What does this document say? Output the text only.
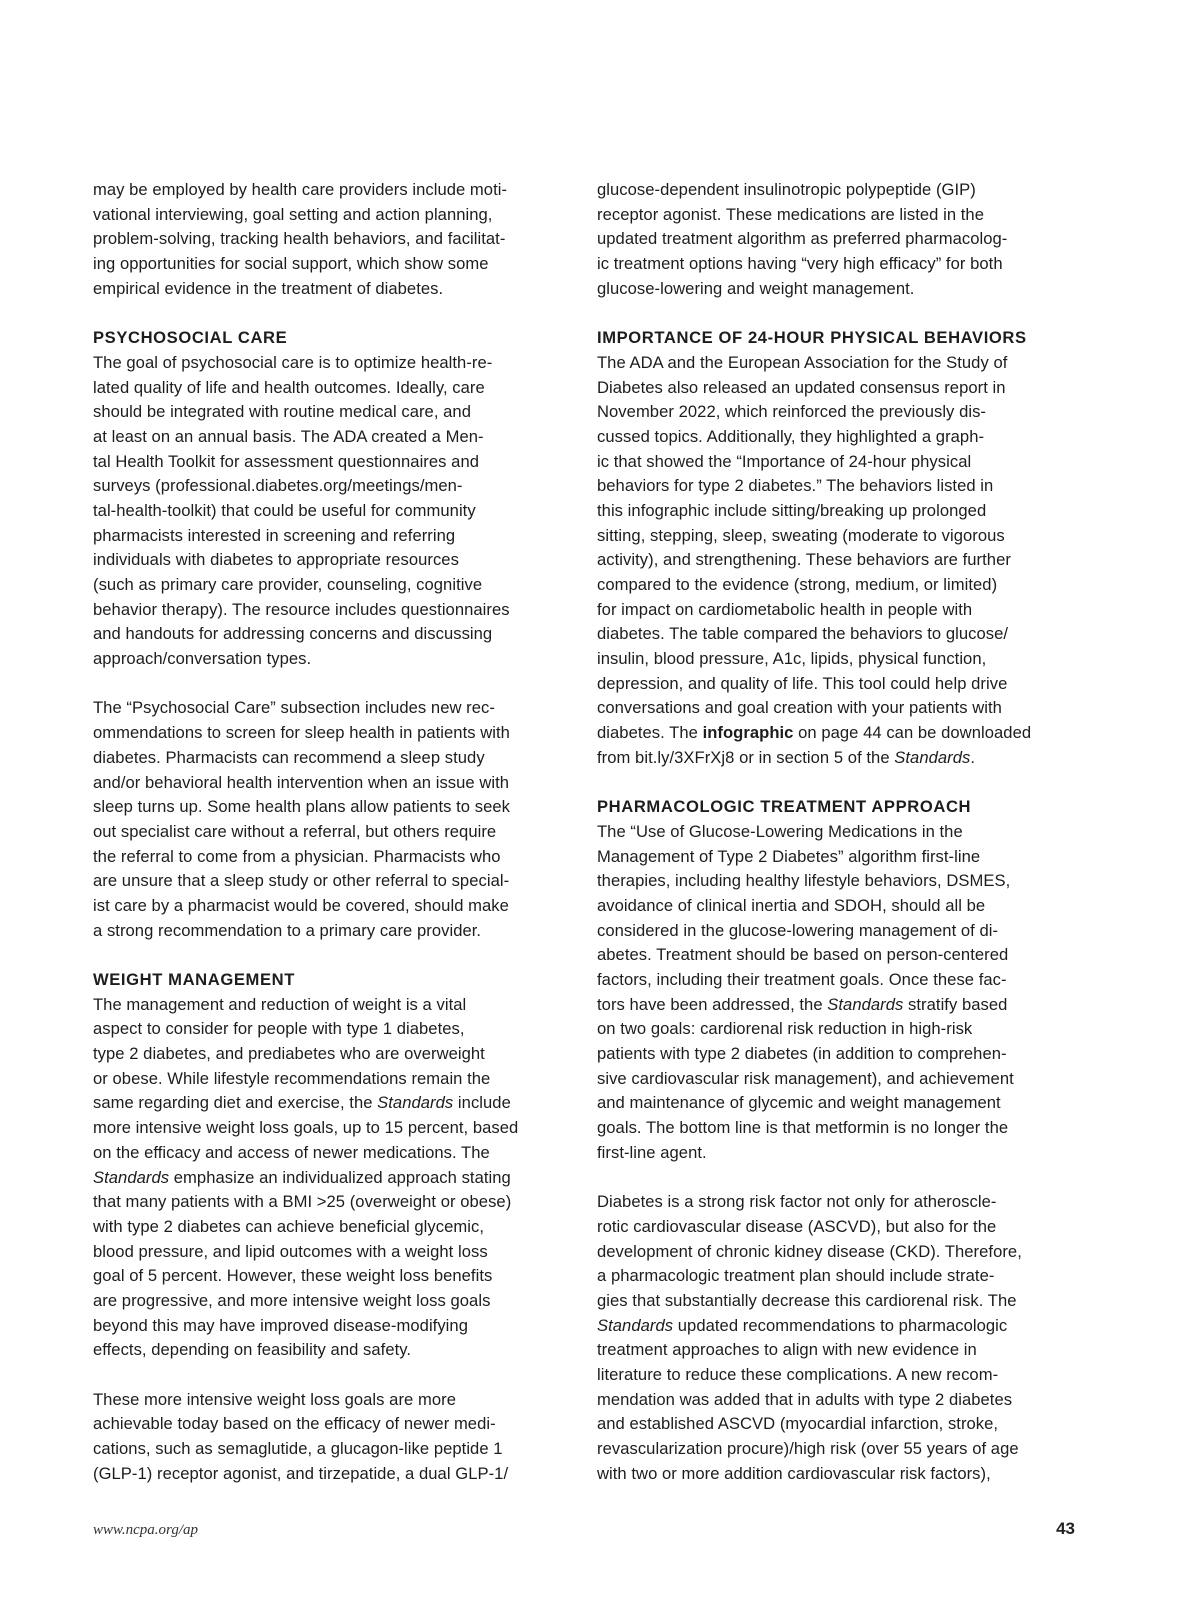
may be employed by health care providers include moti-
vational interviewing, goal setting and action planning,
problem-solving, tracking health behaviors, and facilitat-
ing opportunities for social support, which show some
empirical evidence in the treatment of diabetes.
PSYCHOSOCIAL CARE
The goal of psychosocial care is to optimize health-re-
lated quality of life and health outcomes. Ideally, care
should be integrated with routine medical care, and
at least on an annual basis. The ADA created a Men-
tal Health Toolkit for assessment questionnaires and
surveys (professional.diabetes.org/meetings/men-
tal-health-toolkit) that could be useful for community
pharmacists interested in screening and referring
individuals with diabetes to appropriate resources
(such as primary care provider, counseling, cognitive
behavior therapy). The resource includes questionnaires
and handouts for addressing concerns and discussing
approach/conversation types.
The “Psychosocial Care” subsection includes new rec-
ommendations to screen for sleep health in patients with
diabetes. Pharmacists can recommend a sleep study
and/or behavioral health intervention when an issue with
sleep turns up. Some health plans allow patients to seek
out specialist care without a referral, but others require
the referral to come from a physician. Pharmacists who
are unsure that a sleep study or other referral to special-
ist care by a pharmacist would be covered, should make
a strong recommendation to a primary care provider.
WEIGHT MANAGEMENT
The management and reduction of weight is a vital
aspect to consider for people with type 1 diabetes,
type 2 diabetes, and prediabetes who are overweight
or obese. While lifestyle recommendations remain the
same regarding diet and exercise, the Standards include
more intensive weight loss goals, up to 15 percent, based
on the efficacy and access of newer medications. The
Standards emphasize an individualized approach stating
that many patients with a BMI >25 (overweight or obese)
with type 2 diabetes can achieve beneficial glycemic,
blood pressure, and lipid outcomes with a weight loss
goal of 5 percent. However, these weight loss benefits
are progressive, and more intensive weight loss goals
beyond this may have improved disease-modifying
effects, depending on feasibility and safety.
These more intensive weight loss goals are more
achievable today based on the efficacy of newer medi-
cations, such as semaglutide, a glucagon-like peptide 1
(GLP-1) receptor agonist, and tirzepatide, a dual GLP-1/
glucose-dependent insulinotropic polypeptide (GIP)
receptor agonist. These medications are listed in the
updated treatment algorithm as preferred pharmacolog-
ic treatment options having “very high efficacy” for both
glucose-lowering and weight management.
IMPORTANCE OF 24-HOUR PHYSICAL BEHAVIORS
The ADA and the European Association for the Study of
Diabetes also released an updated consensus report in
November 2022, which reinforced the previously dis-
cussed topics. Additionally, they highlighted a graph-
ic that showed the “Importance of 24-hour physical
behaviors for type 2 diabetes.” The behaviors listed in
this infographic include sitting/breaking up prolonged
sitting, stepping, sleep, sweating (moderate to vigorous
activity), and strengthening. These behaviors are further
compared to the evidence (strong, medium, or limited)
for impact on cardiometabolic health in people with
diabetes. The table compared the behaviors to glucose/
insulin, blood pressure, A1c, lipids, physical function,
depression, and quality of life. This tool could help drive
conversations and goal creation with your patients with
diabetes. The infographic on page 44 can be downloaded
from bit.ly/3XFrXj8 or in section 5 of the Standards.
PHARMACOLOGIC TREATMENT APPROACH
The “Use of Glucose-Lowering Medications in the
Management of Type 2 Diabetes” algorithm first-line
therapies, including healthy lifestyle behaviors, DSMES,
avoidance of clinical inertia and SDOH, should all be
considered in the glucose-lowering management of di-
abetes. Treatment should be based on person-centered
factors, including their treatment goals. Once these fac-
tors have been addressed, the Standards stratify based
on two goals: cardiorenal risk reduction in high-risk
patients with type 2 diabetes (in addition to comprehen-
sive cardiovascular risk management), and achievement
and maintenance of glycemic and weight management
goals. The bottom line is that metformin is no longer the
first-line agent.
Diabetes is a strong risk factor not only for atheroscle-
rotic cardiovascular disease (ASCVD), but also for the
development of chronic kidney disease (CKD). Therefore,
a pharmacologic treatment plan should include strate-
gies that substantially decrease this cardiorenal risk. The
Standards updated recommendations to pharmacologic
treatment approaches to align with new evidence in
literature to reduce these complications. A new recom-
mendation was added that in adults with type 2 diabetes
and established ASCVD (myocardial infarction, stroke,
revascularization procure)/high risk (over 55 years of age
with two or more addition cardiovascular risk factors),
www.ncpa.org/ap	43
